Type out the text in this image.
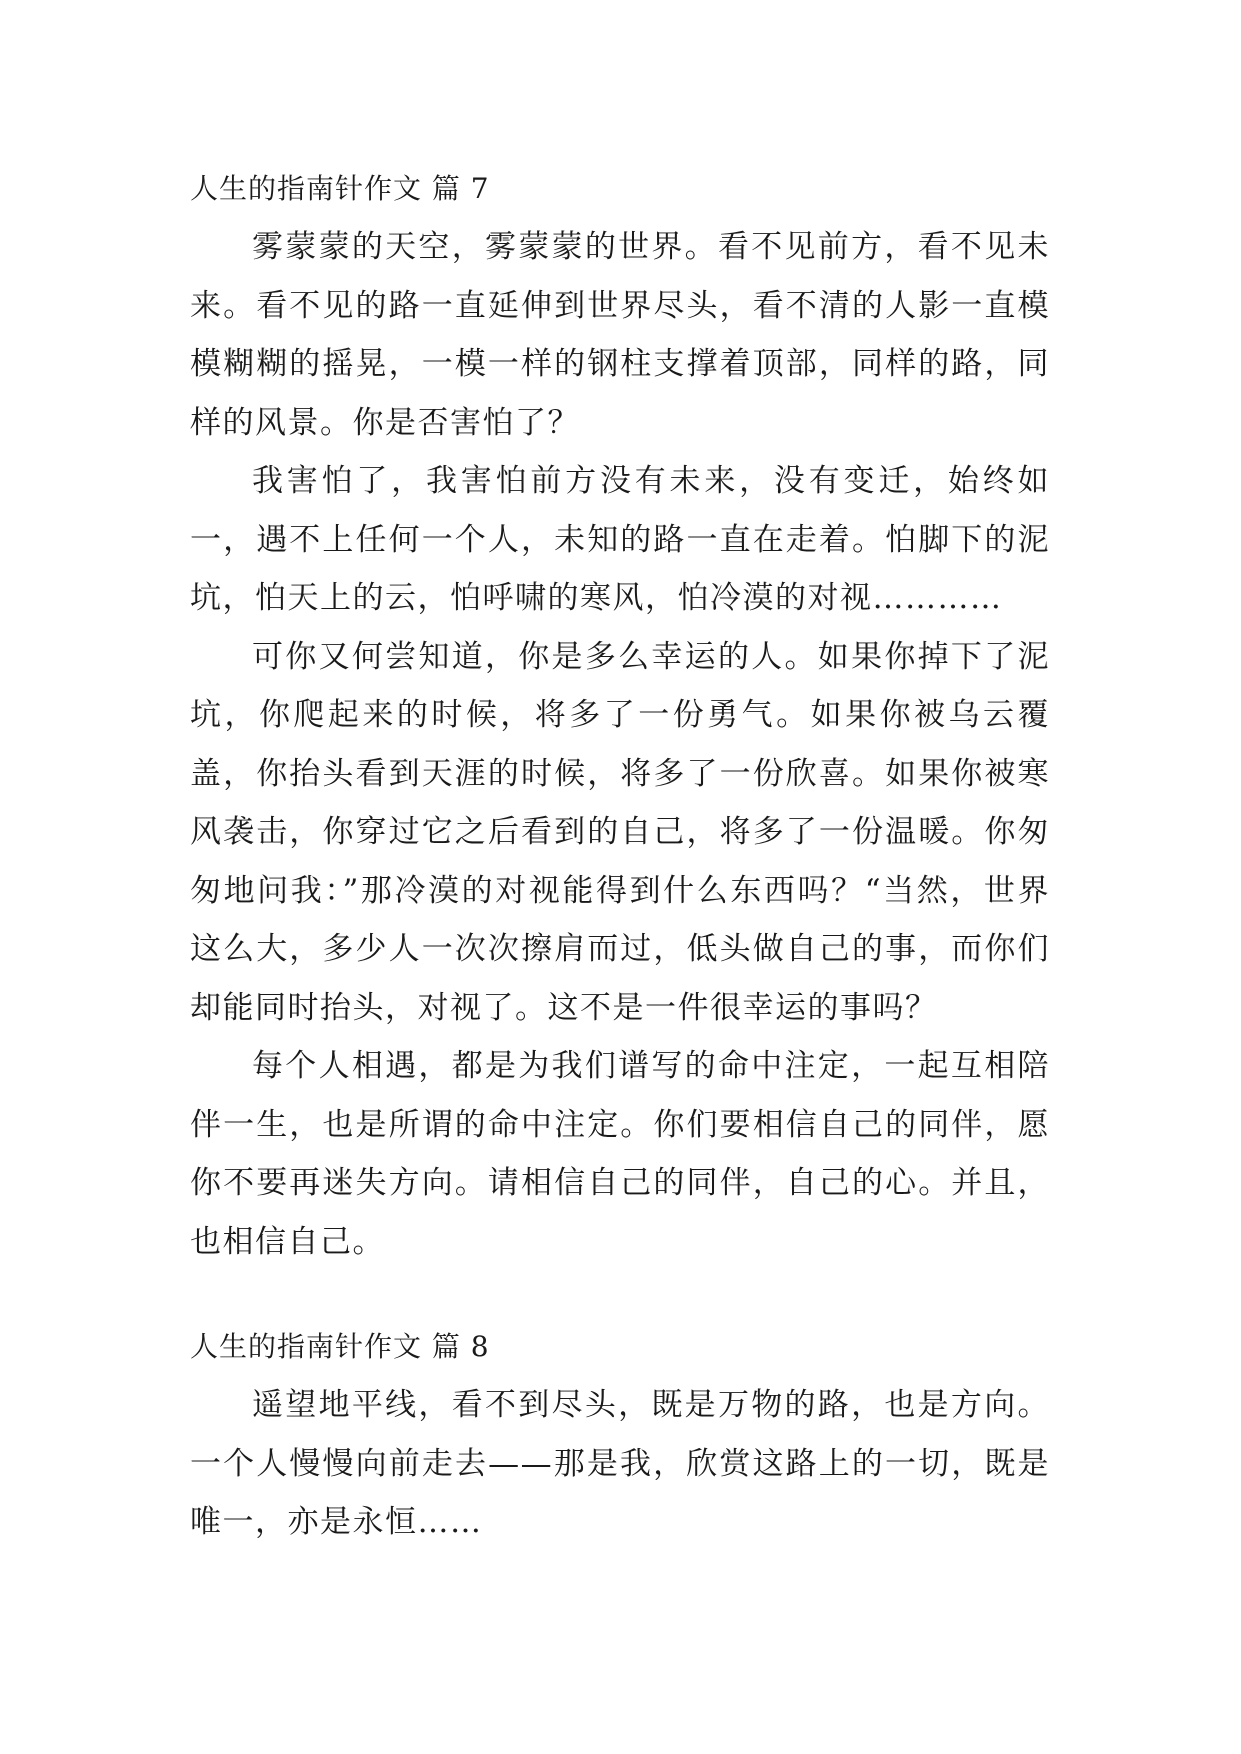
人生的指南针作文 篇 7

雾蒙蒙的天空，雾蒙蒙的世界。看不见前方，看不见未来。看不见的路一直延伸到世界尽头，看不清的人影一直模模糊糊的摇晃，一模一样的钢柱支撑着顶部，同样的路，同样的风景。你是否害怕了？

我害怕了，我害怕前方没有未来，没有变迁，始终如一，遇不上任何一个人，未知的路一直在走着。怕脚下的泥坑，怕天上的云，怕呼啸的寒风，怕冷漠的对视…………

可你又何尝知道，你是多么幸运的人。如果你掉下了泥坑，你爬起来的时候，将多了一份勇气。如果你被乌云覆盖，你抬头看到天涯的时候，将多了一份欣喜。如果你被寒风袭击，你穿过它之后看到的自己，将多了一份温暖。你匆匆地问我：”那冷漠的对视能得到什么东西吗？“当然，世界这么大，多少人一次次擦肩而过，低头做自己的事，而你们却能同时抬头，对视了。这不是一件很幸运的事吗？

每个人相遇，都是为我们谱写的命中注定，一起互相陪伴一生，也是所谓的命中注定。你们要相信自己的同伴，愿你不要再迷失方向。请相信自己的同伴，自己的心。并且，也相信自己。

人生的指南针作文 篇 8

遥望地平线，看不到尽头，既是万物的路，也是方向。一个人慢慢向前走去——那是我，欣赏这路上的一切，既是唯一，亦是永恒……
